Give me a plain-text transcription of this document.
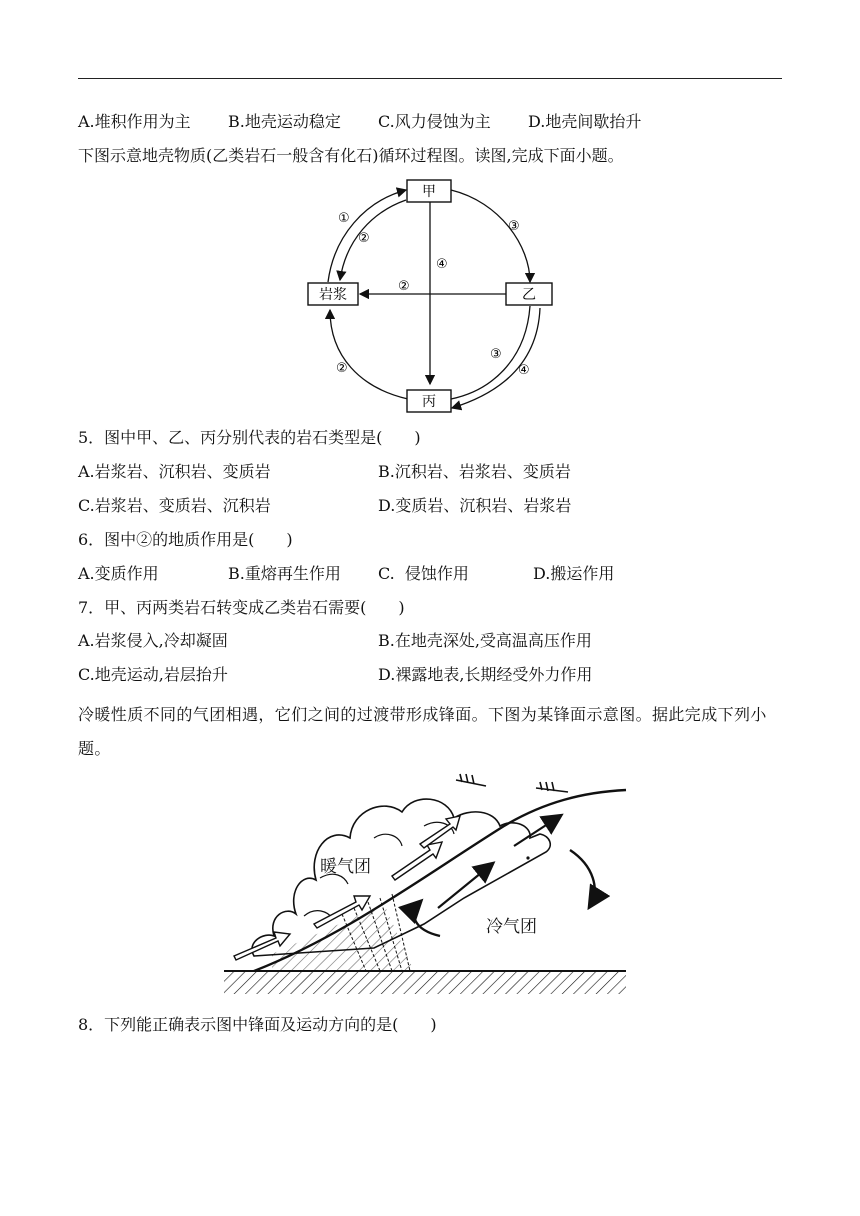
A.堆积作用为主 B.地壳运动稳定 C.风力侵蚀为主 D.地壳间歇抬升
下图示意地壳物质(乙类岩石一般含有化石)循环过程图。读图,完成下面小题。
甲
岩浆	乙
丙
①
②
③
④
②
③
④
②
5．图中甲、乙、丙分别代表的岩石类型是(　　)
A.岩浆岩、沉积岩、变质岩	B.沉积岩、岩浆岩、变质岩
C.岩浆岩、变质岩、沉积岩	D.变质岩、沉积岩、岩浆岩
6．图中②的地质作用是(　　)
A.变质作用	B.重熔再生作用 C.  侵蚀作用	D.搬运作用
7．甲、丙两类岩石转变成乙类岩石需要(　　)
A.岩浆侵入,冷却凝固	B.在地壳深处,受高温高压作用
C.地壳运动,岩层抬升	D.裸露地表,长期经受外力作用
冷暖性质不同的气团相遇，它们之间的过渡带形成锋面。下图为某锋面示意图。据此完成下列小题。
暖气团
冷气团
8．下列能正确表示图中锋面及运动方向的是(　　)
